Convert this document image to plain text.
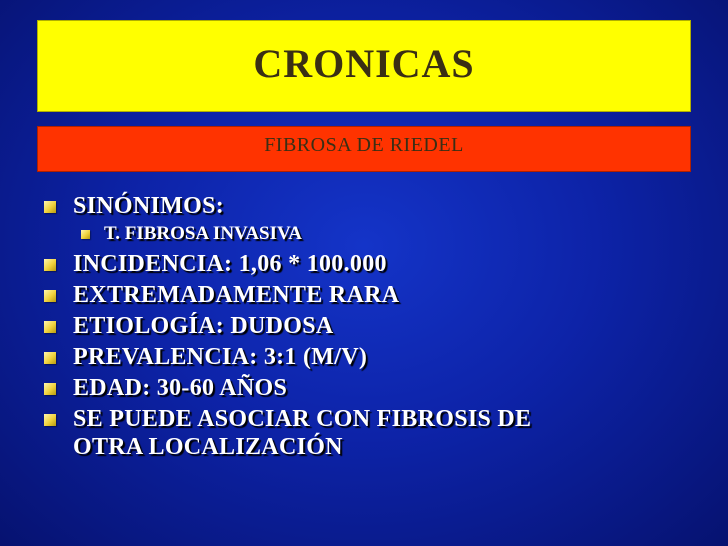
CRONICAS
FIBROSA DE RIEDEL
SINÓNIMOS:
T. FIBROSA INVASIVA
INCIDENCIA: 1,06 * 100.000
EXTREMADAMENTE RARA
ETIOLOGÍA: DUDOSA
PREVALENCIA: 3:1 (M/V)
EDAD: 30-60 AÑOS
SE PUEDE ASOCIAR CON FIBROSIS DE
OTRA LOCALIZACIÓN
